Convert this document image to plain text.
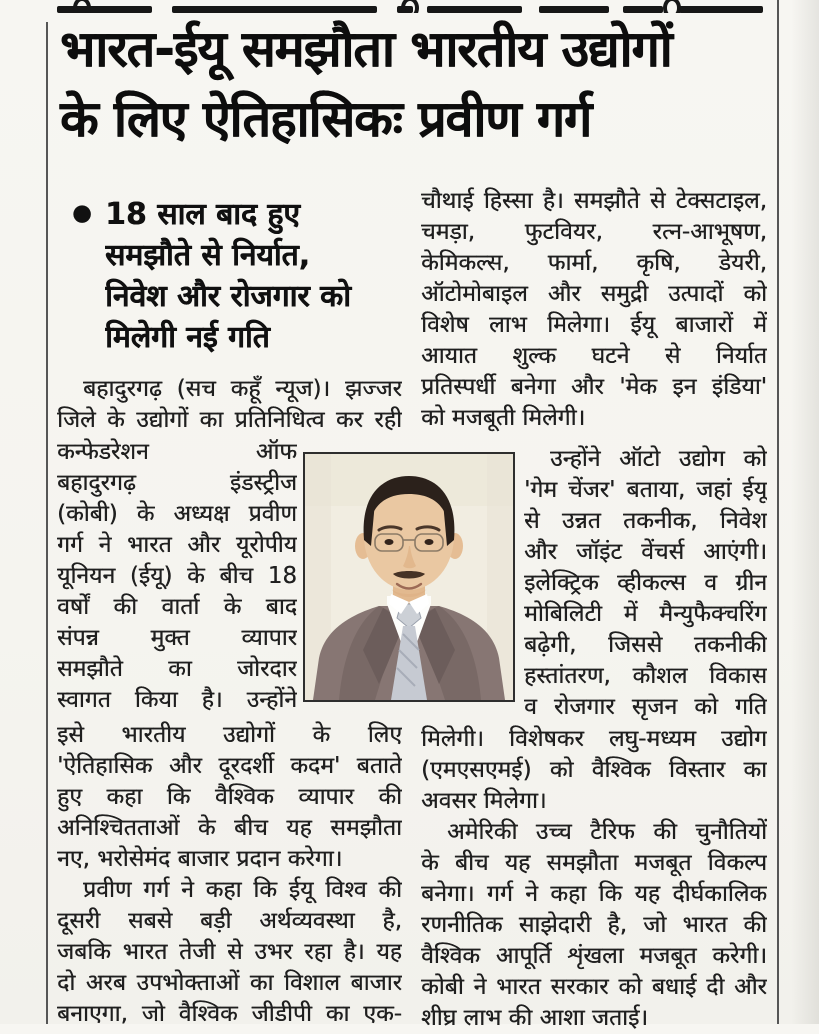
भारत-ईयू समझौता भारतीय उद्योगों
के लिए ऐतिहासिकः प्रवीण गर्ग
● 18 साल बाद हुए
समझौते से निर्यात,
निवेश और रोजगार को
मिलेगी नई गति
बहादुरगढ़ (सच कहूँ न्यूज)। झज्जर
जिले के उद्योगों का प्रतिनिधित्व कर रही
कन्फेडरेशन	ऑफ
बहादुरगढ़	इंडस्ट्रीज
(कोबी) के अध्यक्ष प्रवीण
गर्ग ने भारत और यूरोपीय
यूनियन (ईयू) के बीच 18
वर्षों की वार्ता के बाद
संपन्न मुक्त व्यापार
समझौते का जोरदार
स्वागत किया है। उन्होंने
इसे भारतीय उद्योगों के लिए
'ऐतिहासिक और दूरदर्शी कदम' बताते
हुए कहा कि वैश्विक व्यापार की
अनिश्चितताओं के बीच यह समझौता
नए, भरोसेमंद बाजार प्रदान करेगा।
प्रवीण गर्ग ने कहा कि ईयू विश्व की
दूसरी सबसे बड़ी अर्थव्यवस्था है,
जबकि भारत तेजी से उभर रहा है। यह
दो अरब उपभोक्ताओं का विशाल बाजार
बनाएगा, जो वैश्विक जीडीपी का एक-
चौथाई हिस्सा है। समझौते से टेक्सटाइल,
चमड़ा, फुटवियर, रत्न-आभूषण,
केमिकल्स, फार्मा, कृषि, डेयरी,
ऑटोमोबाइल और समुद्री उत्पादों को
विशेष लाभ मिलेगा। ईयू बाजारों में
आयात शुल्क घटने से निर्यात
प्रतिस्पर्धी बनेगा और 'मेक इन इंडिया'
को मजबूती मिलेगी।
उन्होंने ऑटो उद्योग को
'गेम चेंजर' बताया, जहां ईयू
से उन्नत तकनीक, निवेश
और जॉइंट वेंचर्स आएंगी।
इलेक्ट्रिक व्हीकल्स व ग्रीन
मोबिलिटी में मैन्युफैक्चरिंग
बढ़ेगी, जिससे तकनीकी
हस्तांतरण, कौशल विकास
व रोजगार सृजन को गति
मिलेगी। विशेषकर लघु-मध्यम उद्योग
(एमएसएमई) को वैश्विक विस्तार का
अवसर मिलेगा।
अमेरिकी उच्च टैरिफ की चुनौतियों
के बीच यह समझौता मजबूत विकल्प
बनेगा। गर्ग ने कहा कि यह दीर्घकालिक
रणनीतिक साझेदारी है, जो भारत की
वैश्विक आपूर्ति शृंखला मजबूत करेगी।
कोबी ने भारत सरकार को बधाई दी और
शीघ्र लाभ की आशा जताई।
